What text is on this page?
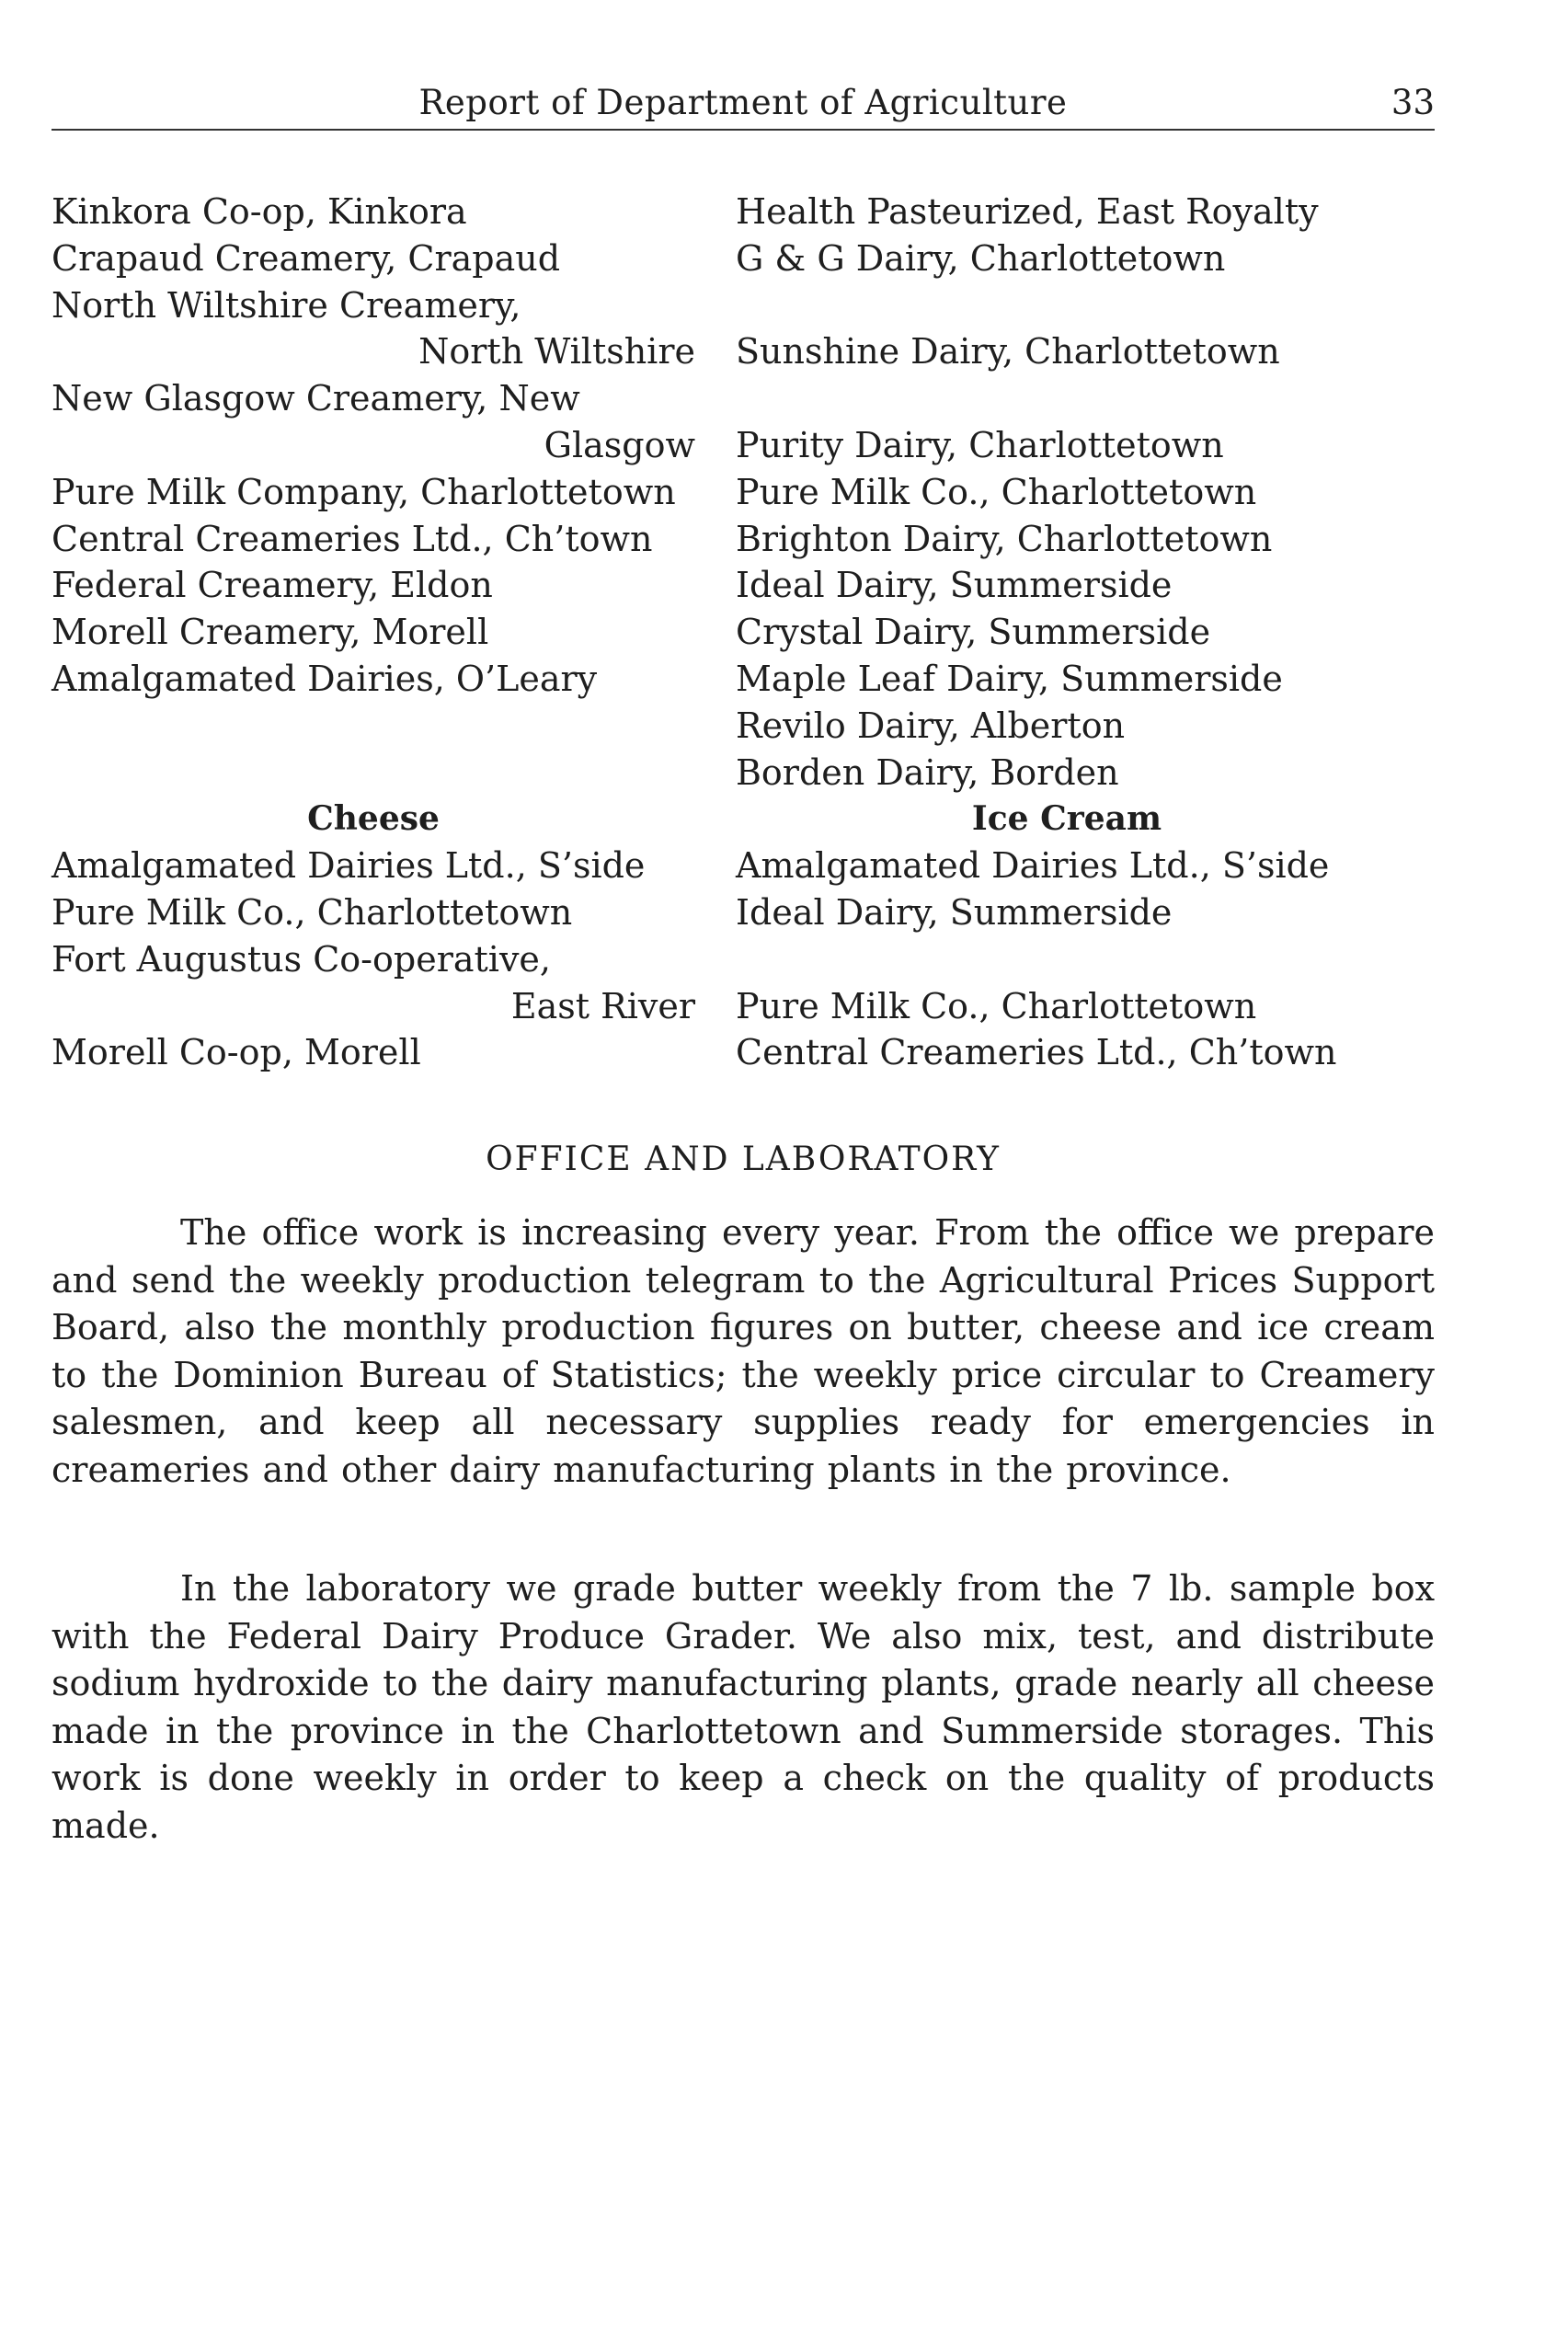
Report of Department of Agriculture	33
Kinkora Co-op, Kinkora
Crapaud Creamery, Crapaud
North Wiltshire Creamery,
North Wiltshire
New Glasgow Creamery, New
Glasgow
Pure Milk Company, Charlottetown
Central Creameries Ltd., Ch’town
Federal Creamery, Eldon
Morell Creamery, Morell
Amalgamated Dairies, O’Leary
Cheese
Amalgamated Dairies Ltd., S’side
Pure Milk Co., Charlottetown
Fort Augustus Co-operative,
East River
Morell Co-op, Morell
Health Pasteurized, East Royalty
G & G Dairy, Charlottetown
Sunshine Dairy, Charlottetown
Purity Dairy, Charlottetown
Pure Milk Co., Charlottetown
Brighton Dairy, Charlottetown
Ideal Dairy, Summerside
Crystal Dairy, Summerside
Maple Leaf Dairy, Summerside
Revilo Dairy, Alberton
Borden Dairy, Borden
Ice Cream
Amalgamated Dairies Ltd., S’side
Ideal Dairy, Summerside
Pure Milk Co., Charlottetown
Central Creameries Ltd., Ch’town
OFFICE AND LABORATORY

The office work is increasing every year. From the office we prepare and send the weekly production telegram to the Agricultural Prices Support Board, also the monthly production figures on butter, cheese and ice cream to the Dominion Bureau of Statistics; the weekly price circular to Creamery salesmen, and keep all necessary supplies ready for emergencies in creameries and other dairy manufacturing plants in the province.

In the laboratory we grade butter weekly from the 7 lb. sample box with the Federal Dairy Produce Grader. We also mix, test, and distribute sodium hydroxide to the dairy manufacturing plants, grade nearly all cheese made in the province in the Charlottetown and Summerside storages. This work is done weekly in order to keep a check on the quality of products made.
